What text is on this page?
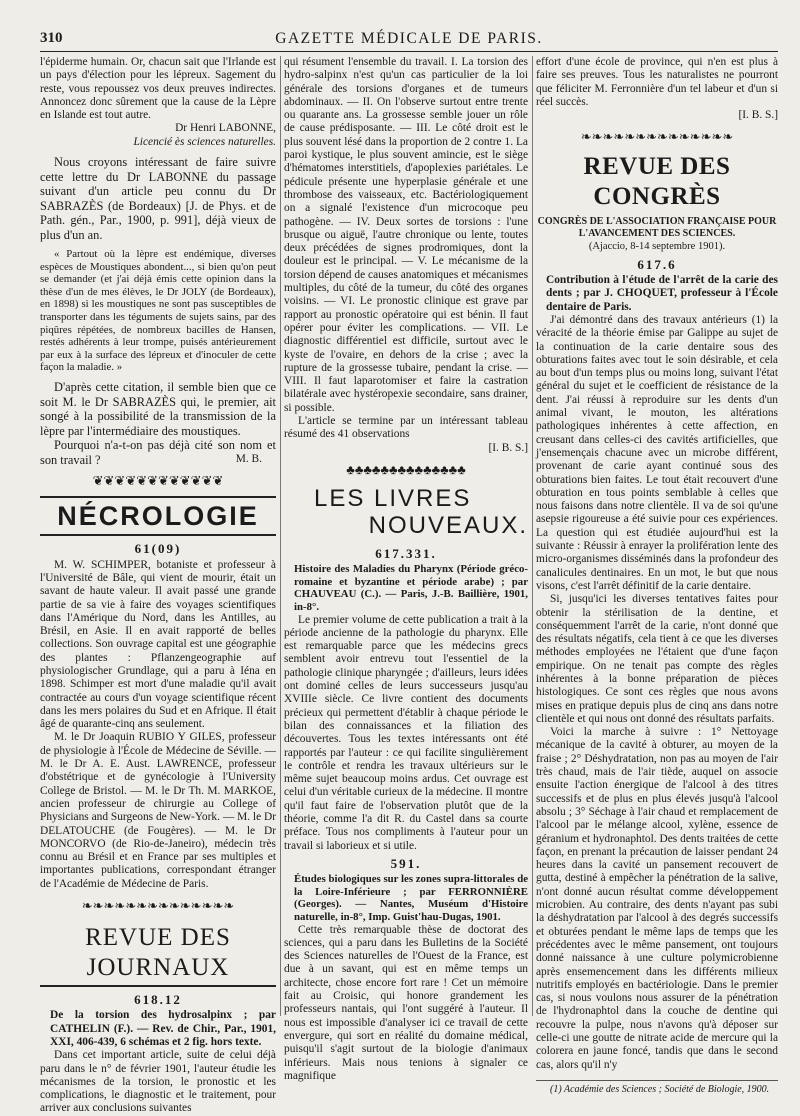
310	GAZETTE MÉDICALE DE PARIS.

l'épiderme humain. Or, chacun sait que l'Irlande est un pays d'élection pour les lépreux. Sagement du reste, vous repoussez vos deux preuves indirectes. Annoncez donc sûrement que la cause de la Lèpre en Islande est tout autre.

Dr Henri LABONNE,

Licencié ès sciences naturelles.

Nous croyons intéressant de faire suivre cette lettre du Dr LABONNE du passage suivant d'un article peu connu du Dr SABRAZÈS (de Bordeaux) [J. de Phys. et de Path. gén., Par., 1900, p. 991], déjà vieux de plus d'un an.

« Partout où la lèpre est endémique, diverses espèces de Moustiques abondent..., si bien qu'on peut se demander (et j'ai déjà émis cette opinion dans la thèse d'un de mes élèves, le Dr JOLY (de Bordeaux), en 1898) si les moustiques ne sont pas susceptibles de transporter dans les téguments de sujets sains, par des piqûres répétées, de nombreux bacilles de Hansen, restés adhérents à leur trompe, puisés antérieurement par eux à la surface des lépreux et d'inoculer de cette façon la maladie. »

D'après cette citation, il semble bien que ce soit M. le Dr SABRAZÈS qui, le premier, ait songé à la possibilité de la transmission de la lèpre par l'intermédiaire des moustiques.

Pourquoi n'a-t-on pas déjà cité son nom et son travail ?	M. B.

❦❦❦❦❦❦❦❦❦❦❦❦
NÉCROLOGIE

61(09)

M. W. SCHIMPER, botaniste et professeur à l'Université de Bâle, qui vient de mourir, était un savant de haute valeur. Il avait passé une grande partie de sa vie à faire des voyages scientifiques dans l'Amérique du Nord, dans les Antilles, au Brésil, en Asie. Il en avait rapporté de belles collections. Son ouvrage capital est une géographie des plantes : Pflanzengeographie auf physiologischer Grundlage, qui a paru à Iéna en 1898. Schimper est mort d'une maladie qu'il avait contractée au cours d'un voyage scientifique récent dans les mers polaires du Sud et en Afrique. Il était âgé de quarante-cinq ans seulement.

M. le Dr Joaquin RUBIO Y GILES, professeur de physiologie à l'École de Médecine de Séville. — M. le Dr A. E. Aust. LAWRENCE, professeur d'obstétrique et de gynécologie à l'University College de Bristol. — M. le Dr Th. M. MARKOE, ancien professeur de chirurgie au College of Physicians and Surgeons de New-York. — M. le Dr DELATOUCHE (de Fougères). — M. le Dr MONCORVO (de Rio-de-Janeiro), médecin très connu au Brésil et en France par ses multiples et importantes publications, correspondant étranger de l'Académie de Médecine de Paris.

❧❧❧❧❧❧❧❧❧❧❧❧❧❧
REVUE DES JOURNAUX

618.12

De la torsion des hydrosalpinx ; par CATHELIN (F.). — Rev. de Chir., Par., 1901, XXI, 406-439, 6 schémas et 2 fig. hors texte.

Dans cet important article, suite de celui déjà paru dans le n° de février 1901, l'auteur étudie les mécanismes de la torsion, le pronostic et les complications, le diagnostic et le traitement, pour arriver aux conclusions suivantes

qui résument l'ensemble du travail. I. La torsion des hydro-salpinx n'est qu'un cas particulier de la loi générale des torsions d'organes et de tumeurs abdominaux. — II. On l'observe surtout entre trente ou quarante ans. La grossesse semble jouer un rôle de cause prédisposante. — III. Le côté droit est le plus souvent lésé dans la proportion de 2 contre 1. La paroi kystique, le plus souvent amincie, est le siège d'hématomes interstitiels, d'apoplexies pariétales. Le pédicule présente une hyperplasie générale et une thrombose des vaisseaux, etc. Bactériologiquement on a signalé l'existence d'un microcoque peu pathogène. — IV. Deux sortes de torsions : l'une brusque ou aiguë, l'autre chronique ou lente, toutes deux précédées de signes prodromiques, dont la douleur est le principal. — V. Le mécanisme de la torsion dépend de causes anatomiques et mécanismes multiples, du côté de la tumeur, du côté des organes voisins. — VI. Le pronostic clinique est grave par rapport au pronostic opératoire qui est bénin. Il faut opérer pour éviter les complications. — VII. Le diagnostic différentiel est difficile, surtout avec le kyste de l'ovaire, en dehors de la crise ; avec la rupture de la grossesse tubaire, pendant la crise. — VIII. Il faut laparotomiser et faire la castration bilatérale avec hystéropexie secondaire, sans drainer, si possible.

L'article se termine par un intéressant tableau résumé des 41 observations

[I. B. S.]

♣♣♣♣♣♣♣♣♣♣♣♣♣♣
LES LIVRES
NOUVEAUX.

617.331.

Histoire des Maladies du Pharynx (Période gréco-romaine et byzantine et période arabe) ; par CHAUVEAU (C.). — Paris, J.-B. Baillière, 1901, in-8°.

Le premier volume de cette publication a trait à la période ancienne de la pathologie du pharynx. Elle est remarquable parce que les médecins grecs semblent avoir entrevu tout l'essentiel de la pathologie clinique pharyngée ; d'ailleurs, leurs idées ont dominé celles de leurs successeurs jusqu'au XVIIIe siècle. Ce livre contient des documents précieux qui permettent d'établir à chaque période le bilan des connaissances et la filiation des découvertes. Tous les textes intéressants ont été rapportés par l'auteur : ce qui facilite singulièrement le contrôle et rendra les travaux ultérieurs sur le même sujet beaucoup moins ardus. Cet ouvrage est celui d'un véritable curieux de la médecine. Il montre qu'il faut faire de l'observation plutôt que de la théorie, comme l'a dit R. du Castel dans sa courte préface. Tous nos compliments à l'auteur pour un travail si laborieux et si utile.

591.

Études biologiques sur les zones supra-littorales de la Loire-Inférieure ; par FERRONNIÈRE (Georges). — Nantes, Muséum d'Histoire naturelle, in-8°, Imp. Guist'hau-Dugas, 1901.

Cette très remarquable thèse de doctorat des sciences, qui a paru dans les Bulletins de la Société des Sciences naturelles de l'Ouest de la France, est due à un savant, qui est en même temps un architecte, chose encore fort rare ! Cet un mémoire fait au Croisic, qui honore grandement les professeurs nantais, qui l'ont suggéré à l'auteur. Il nous est impossible d'analyser ici ce travail de cette envergure, qui sort en réalité du domaine médical, puisqu'il s'agit surtout de la biologie d'animaux inférieurs. Mais nous tenions à signaler ce magnifique

effort d'une école de province, qui n'en est plus à faire ses preuves. Tous les naturalistes ne pourront que féliciter M. Ferronnière d'un tel labeur et d'un si réel succès.

[I. B. S.]

❧❧❧❧❧❧❧❧❧❧❧❧❧❧
REVUE DES CONGRÈS

CONGRÈS DE L'ASSOCIATION FRANÇAISE POUR L'AVANCEMENT DES SCIENCES.

(Ajaccio, 8-14 septembre 1901).

617.6

Contribution à l'étude de l'arrêt de la carie des dents ; par J. CHOQUET, professeur à l'École dentaire de Paris.

J'ai démontré dans des travaux antérieurs (1) la véracité de la théorie émise par Galippe au sujet de la continuation de la carie dentaire sous des obturations faites avec tout le soin désirable, et cela au bout d'un temps plus ou moins long, suivant l'état général du sujet et le coefficient de résistance de la dent. J'ai réussi à reproduire sur les dents d'un animal vivant, le mouton, les altérations pathologiques inhérentes à cette affection, en creusant dans celles-ci des cavités artificielles, que j'ensemençais chacune avec un microbe différent, provenant de carie ayant continué sous des obturations bien faites. Le tout était recouvert d'une obturation en tous points semblable à celles que nous faisons dans notre clientèle. Il va de soi qu'une asepsie rigoureuse a été suivie pour ces expériences. La question qui est étudiée aujourd'hui est la suivante : Réussir à enrayer la prolifération lente des micro-organismes disséminés dans la profondeur des canalicules dentinaires. En un mot, le but que nous visons, c'est l'arrêt définitif de la carie dentaire.

Si, jusqu'ici les diverses tentatives faites pour obtenir la stérilisation de la dentine, et conséquemment l'arrêt de la carie, n'ont donné que des résultats négatifs, cela tient à ce que les diverses méthodes employées ne l'étaient que d'une façon empirique. On ne tenait pas compte des règles inhérentes à la bonne préparation de pièces histologiques. Ce sont ces règles que nous avons mises en pratique depuis plus de cinq ans dans notre clientèle et qui nous ont donné des résultats parfaits.

Voici la marche à suivre : 1° Nettoyage mécanique de la cavité à obturer, au moyen de la fraise ; 2° Déshydratation, non pas au moyen de l'air très chaud, mais de l'air tiède, auquel on associe ensuite l'action énergique de l'alcool à des titres successifs et de plus en plus élevés jusqu'à l'alcool absolu ; 3° Séchage à l'air chaud et remplacement de l'alcool par le mélange alcool, xylène, essence de géranium et hydronaphtol. Des dents traitées de cette façon, en prenant la précaution de laisser pendant 24 heures dans la cavité un pansement recouvert de gutta, destiné à empêcher la pénétration de la salive, n'ont donné aucun résultat comme développement microbien. Au contraire, des dents n'ayant pas subi la déshydratation par l'alcool à des degrés successifs et obturées pendant le même laps de temps que les précédentes avec le même pansement, ont toujours donné naissance à une culture polymicrobienne après ensemencement dans les différents milieux nutritifs employés en bactériologie. Dans le premier cas, si nous voulons nous assurer de la pénétration de l'hydronaphtol dans la couche de dentine qui recouvre la pulpe, nous n'avons qu'à déposer sur celle-ci une goutte de nitrate acide de mercure qui la colorera en jaune foncé, tandis que dans le second cas, alors qu'il n'y

(1) Académie des Sciences ; Société de Biologie, 1900.
